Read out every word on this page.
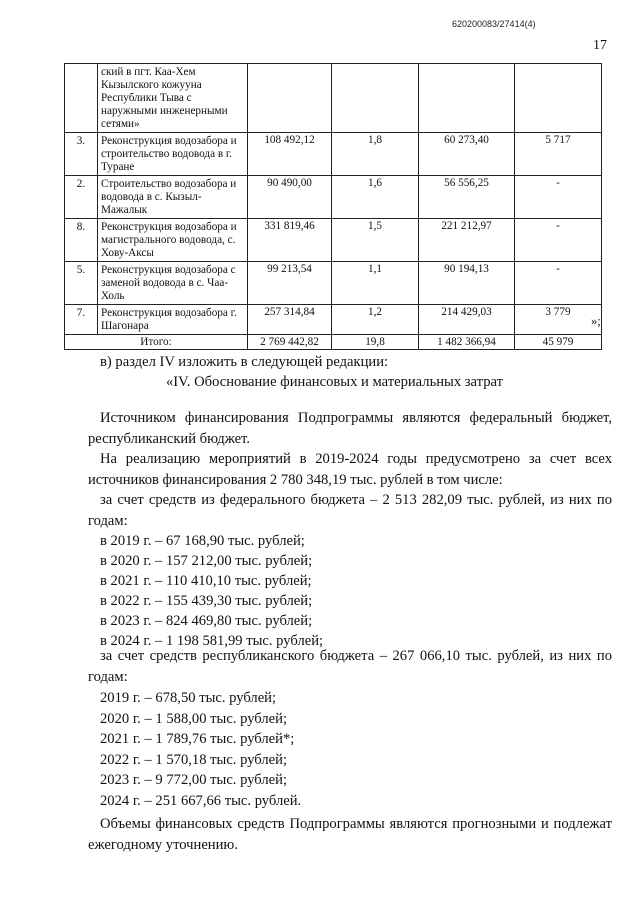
620200083/27414(4)
17
	ский в пгт. Каа-Хем Кызылского кожууна Республики Тыва с наружными инженерными сетями»				
3.	Реконструкция водозабора и строительство водовода в г. Туране	108 492,12	1,8	60 273,40	5 717
2.	Строительство водозабора и водовода в с. Кызыл-Мажалык	90 490,00	1,6	56 556,25	-
8.	Реконструкция водозабора и магистрального водовода, с. Хову-Аксы	331 819,46	1,5	221 212,97	-
5.	Реконструкция водозабора с заменой водовода в с. Чаа-Холь	99 213,54	1,1	90 194,13	-
7.	Реконструкция водозабора г. Шагонара	257 314,84	1,2	214 429,03	3 779
Итого:		2 769 442,82	19,8	1 482 366,94	45 979
»;
в) раздел IV изложить в следующей редакции:
«IV. Обоснование финансовых и материальных затрат
Источником финансирования Подпрограммы являются федеральный бюджет, республиканский бюджет.
На реализацию мероприятий в 2019-2024 годы предусмотрено за счет всех источников финансирования 2 780 348,19 тыс. рублей в том числе:
за счет средств из федерального бюджета – 2 513 282,09 тыс. рублей, из них по годам:
в 2019 г. – 67 168,90 тыс. рублей;
в 2020 г. – 157 212,00 тыс. рублей;
в 2021 г. – 110 410,10 тыс. рублей;
в 2022 г. – 155 439,30 тыс. рублей;
в 2023 г. – 824 469,80 тыс. рублей;
в 2024 г. – 1 198 581,99 тыс. рублей;
за счет средств республиканского бюджета – 267 066,10 тыс. рублей, из них по годам:
2019 г. – 678,50 тыс. рублей;
2020 г. – 1 588,00 тыс. рублей;
2021 г. – 1 789,76 тыс. рублей*;
2022 г. – 1 570,18 тыс. рублей;
2023 г. – 9 772,00 тыс. рублей;
2024 г. – 251 667,66 тыс. рублей.
Объемы финансовых средств Подпрограммы являются прогнозными и подлежат ежегодному уточнению.
